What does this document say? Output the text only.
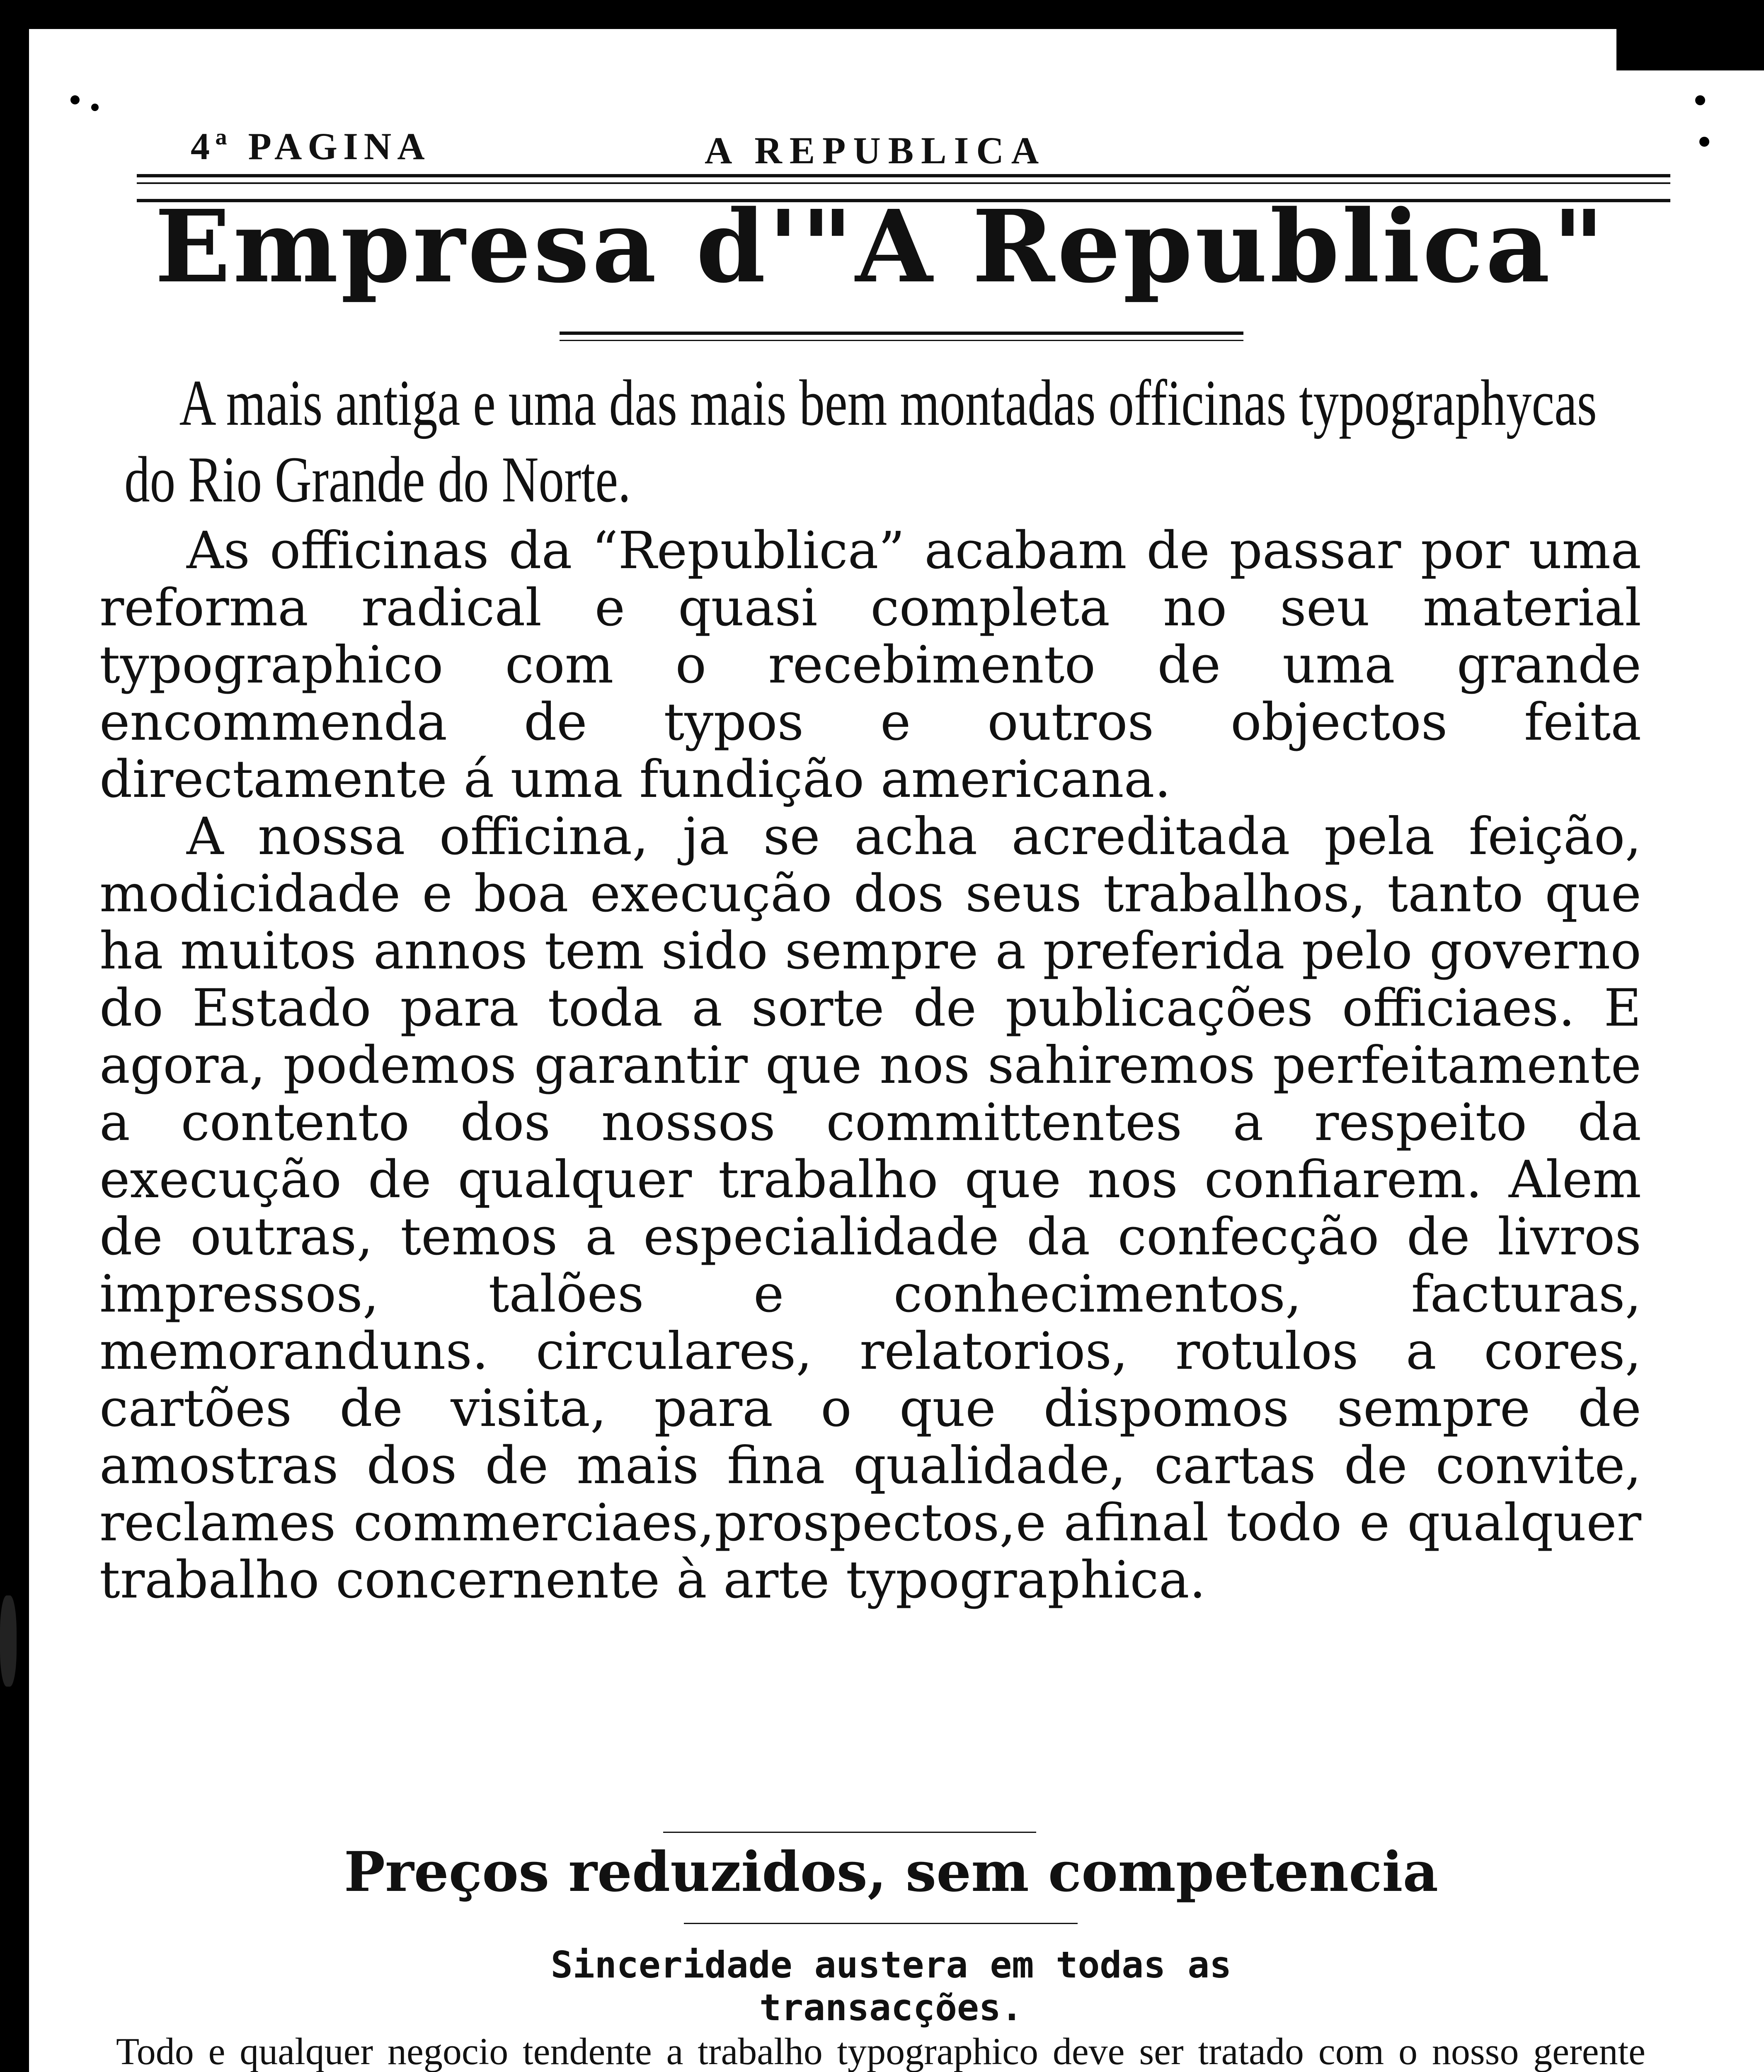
4ª PAGINA	A REPUBLICA
Empresa d'"A Republica"
A mais antiga e uma das mais bem montadas officinas typographycas do Rio Grande do Norte.

As officinas da “Republica” acabam de passar por uma reforma radical e quasi completa no seu material typographico com o recebimento de uma grande encommenda de typos e outros objectos feita directamente á uma fundição americana.

A nossa officina, ja se acha acreditada pela feição, modicidade e boa execução dos seus trabalhos, tanto que ha muitos annos tem sido sempre a preferida pelo governo do Estado para toda a sorte de publicações officiaes. E agora, podemos garantir que nos sahiremos perfeitamente a contento dos nossos committentes a respeito da execução de qualquer trabalho que nos confiarem. Alem de outras, temos a especialidade da confecção de livros impressos, talões e conhecimentos, facturas, memoranduns. circulares, relatorios, rotulos a cores, cartões de visita, para o que dispomos sempre de amostras dos de mais fina qualidade, cartas de convite, reclames commerciaes,prospectos,e afinal todo e qualquer trabalho concernente à arte typographica.

Preços reduzidos, sem competencia
Sinceridade austera em todas as transacções.

Todo e qualquer negocio tendente a trabalho typographico deve ser tratado com o nosso gerente
